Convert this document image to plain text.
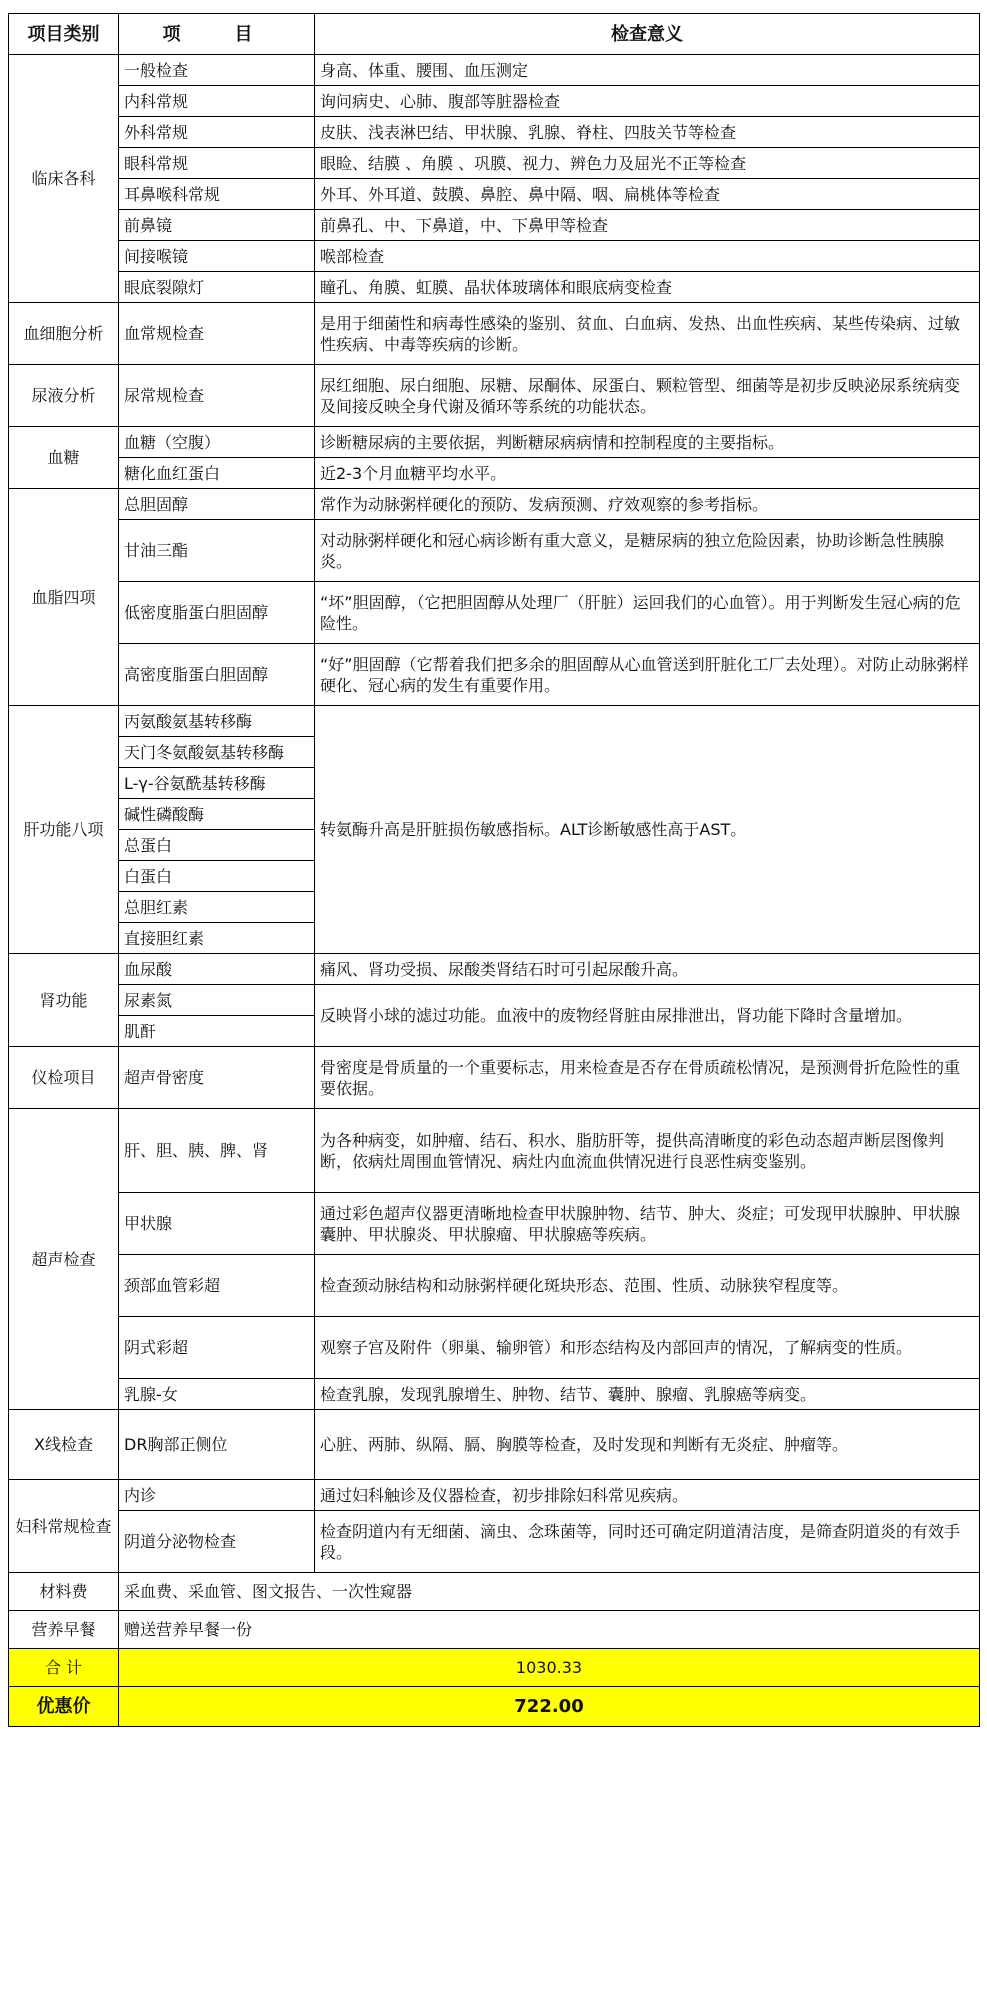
项目类别	项　目	检查意义
临床各科	一般检查	身高、体重、腰围、血压测定
	内科常规	询问病史、心肺、腹部等脏器检查
	外科常规	皮肤、浅表淋巴结、甲状腺、乳腺、脊柱、四肢关节等检查
	眼科常规	眼睑、结膜 、角膜 、巩膜、视力、辨色力及屈光不正等检查
	耳鼻喉科常规	外耳、外耳道、鼓膜、鼻腔、鼻中隔、咽、扁桃体等检查
	前鼻镜	前鼻孔、中、下鼻道，中、下鼻甲等检查
	间接喉镜	喉部检查
	眼底裂隙灯	瞳孔、角膜、虹膜、晶状体玻璃体和眼底病变检查
血细胞分析	血常规检查	是用于细菌性和病毒性感染的鉴别、贫血、白血病、发热、出血性疾病、某些传染病、过敏性疾病、中毒等疾病的诊断。
尿液分析	尿常规检查	尿红细胞、尿白细胞、尿糖、尿酮体、尿蛋白、颗粒管型、细菌等是初步反映泌尿系统病变及间接反映全身代谢及循环等系统的功能状态。
血糖	血糖（空腹）	诊断糖尿病的主要依据，判断糖尿病病情和控制程度的主要指标。
	糖化血红蛋白	近2-3个月血糖平均水平。
血脂四项	总胆固醇	常作为动脉粥样硬化的预防、发病预测、疗效观察的参考指标。
	甘油三酯	对动脉粥样硬化和冠心病诊断有重大意义，是糖尿病的独立危险因素，协助诊断急性胰腺炎。
	低密度脂蛋白胆固醇	“坏”胆固醇，（它把胆固醇从处理厂（肝脏）运回我们的心血管）。用于判断发生冠心病的危险性。
	高密度脂蛋白胆固醇	“好”胆固醇（它帮着我们把多余的胆固醇从心血管送到肝脏化工厂去处理）。对防止动脉粥样硬化、冠心病的发生有重要作用。
肝功能八项	丙氨酸氨基转移酶	转氨酶升高是肝脏损伤敏感指标。ALT诊断敏感性高于AST。
	天门冬氨酸氨基转移酶	
	L-γ-谷氨酰基转移酶	
	碱性磷酸酶	
	总蛋白	
	白蛋白	
	总胆红素	
	直接胆红素	
肾功能	血尿酸	痛风、肾功受损、尿酸类肾结石时可引起尿酸升高。
	尿素氮	反映肾小球的滤过功能。血液中的废物经肾脏由尿排泄出，肾功能下降时含量增加。
	肌酐	
仪检项目	超声骨密度	骨密度是骨质量的一个重要标志，用来检查是否存在骨质疏松情况，是预测骨折危险性的重要依据。
超声检查	肝、胆、胰、脾、肾	为各种病变，如肿瘤、结石、积水、脂肪肝等，提供高清晰度的彩色动态超声断层图像判断，依病灶周围血管情况、病灶内血流血供情况进行良恶性病变鉴别。
	甲状腺	通过彩色超声仪器更清晰地检查甲状腺肿物、结节、肿大、炎症；可发现甲状腺肿、甲状腺囊肿、甲状腺炎、甲状腺瘤、甲状腺癌等疾病。
	颈部血管彩超	检查颈动脉结构和动脉粥样硬化斑块形态、范围、性质、动脉狭窄程度等。
	阴式彩超	观察子宫及附件（卵巢、输卵管）和形态结构及内部回声的情况，了解病变的性质。
	乳腺-女	检查乳腺，发现乳腺增生、肿物、结节、囊肿、腺瘤、乳腺癌等病变。
X线检查	DR胸部正侧位	心脏、两肺、纵隔、膈、胸膜等检查，及时发现和判断有无炎症、肿瘤等。
妇科常规检查	内诊	通过妇科触诊及仪器检查，初步排除妇科常见疾病。
	阴道分泌物检查	检查阴道内有无细菌、滴虫、念珠菌等，同时还可确定阴道清洁度，是筛查阴道炎的有效手段。
材料费	采血费、采血管、图文报告、一次性窥器	
营养早餐	赠送营养早餐一份	
合 计	1030.33	
优惠价	722.00	
